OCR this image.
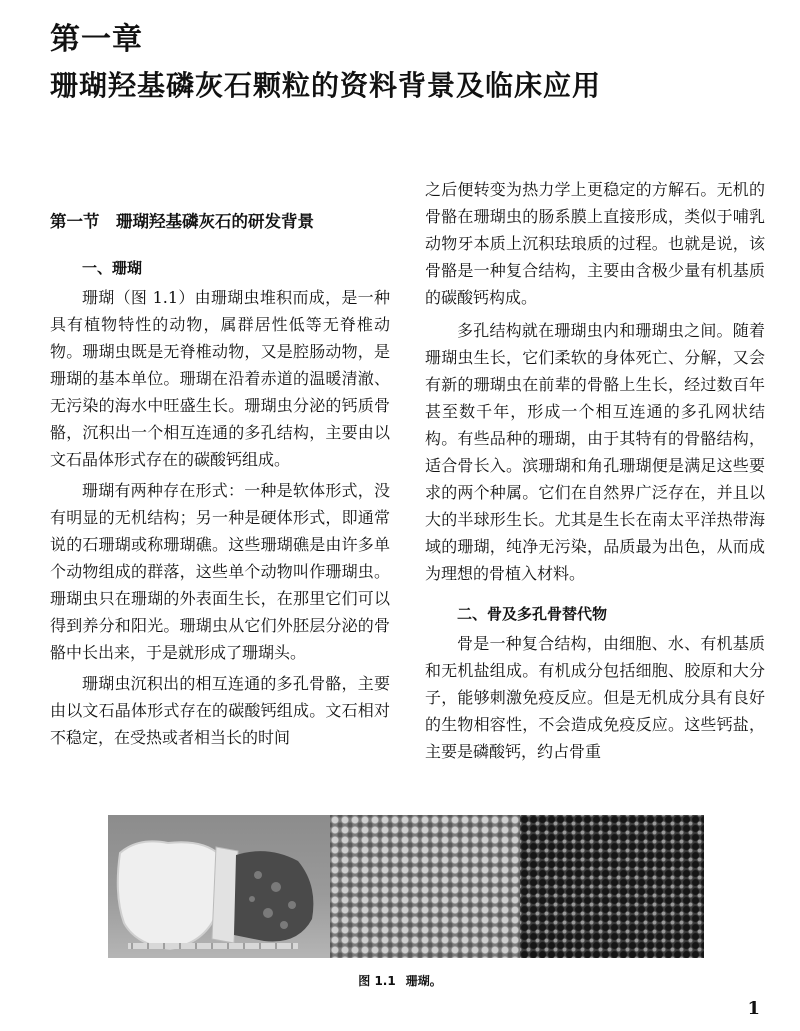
第一章
珊瑚羟基磷灰石颗粒的资料背景及临床应用
第一节　珊瑚羟基磷灰石的研发背景
一、珊瑚

珊瑚（图 1.1）由珊瑚虫堆积而成，是一种具有植物特性的动物，属群居性低等无脊椎动物。珊瑚虫既是无脊椎动物，又是腔肠动物，是珊瑚的基本单位。珊瑚在沿着赤道的温暖清澈、无污染的海水中旺盛生长。珊瑚虫分泌的钙质骨骼，沉积出一个相互连通的多孔结构，主要由以文石晶体形式存在的碳酸钙组成。

珊瑚有两种存在形式：一种是软体形式，没有明显的无机结构；另一种是硬体形式，即通常说的石珊瑚或称珊瑚礁。这些珊瑚礁是由许多单个动物组成的群落，这些单个动物叫作珊瑚虫。珊瑚虫只在珊瑚的外表面生长，在那里它们可以得到养分和阳光。珊瑚虫从它们外胚层分泌的骨骼中长出来，于是就形成了珊瑚头。

珊瑚虫沉积出的相互连通的多孔骨骼，主要由以文石晶体形式存在的碳酸钙组成。文石相对不稳定，在受热或者相当长的时间

之后便转变为热力学上更稳定的方解石。无机的骨骼在珊瑚虫的肠系膜上直接形成，类似于哺乳动物牙本质上沉积珐琅质的过程。也就是说，该骨骼是一种复合结构，主要由含极少量有机基质的碳酸钙构成。

多孔结构就在珊瑚虫内和珊瑚虫之间。随着珊瑚虫生长，它们柔软的身体死亡、分解，又会有新的珊瑚虫在前辈的骨骼上生长，经过数百年甚至数千年，形成一个相互连通的多孔网状结构。有些品种的珊瑚，由于其特有的骨骼结构，适合骨长入。滨珊瑚和角孔珊瑚便是满足这些要求的两个种属。它们在自然界广泛存在，并且以大的半球形生长。尤其是生长在南太平洋热带海域的珊瑚，纯净无污染，品质最为出色，从而成为理想的骨植入材料。

二、骨及多孔骨替代物

骨是一种复合结构，由细胞、水、有机基质和无机盐组成。有机成分包括细胞、胶原和大分子，能够刺激免疫反应。但是无机成分具有良好的生物相容性，不会造成免疫反应。这些钙盐，主要是磷酸钙，约占骨重

图 1.1 珊瑚。
1
